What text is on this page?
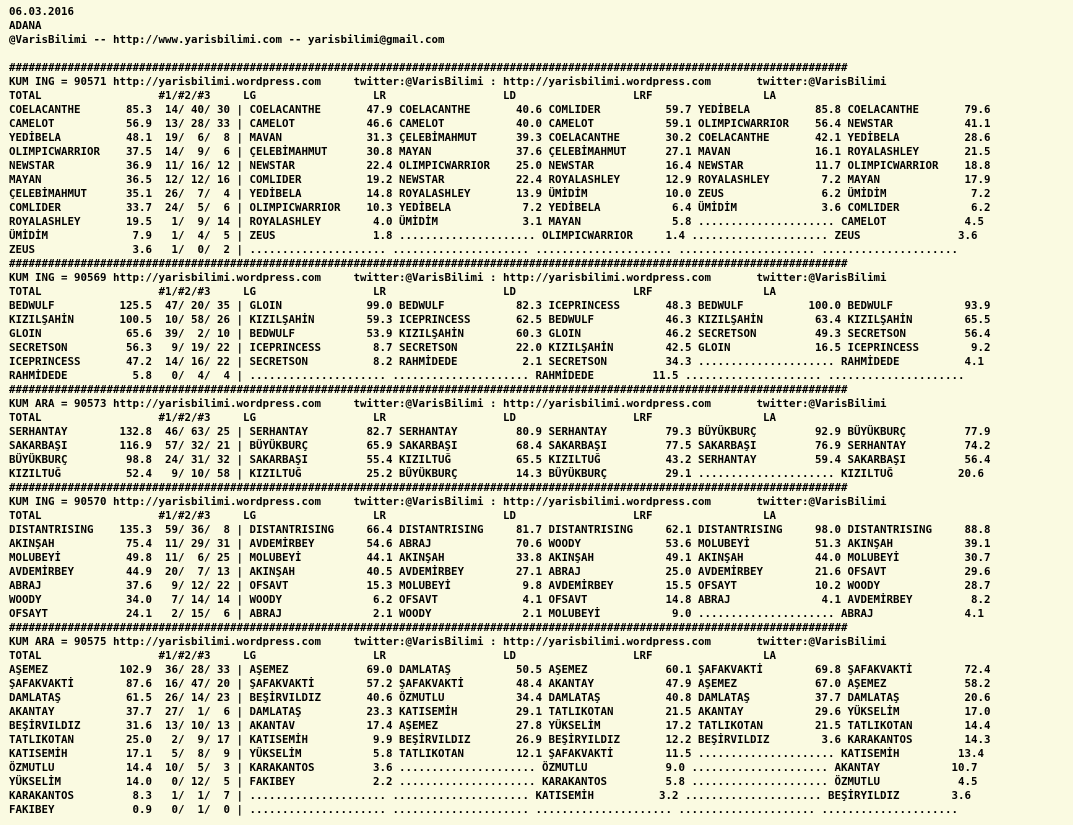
06.03.2016
ADANA
@VarisBilimi -- http://www.yarisbilimi.com -- yarisbilimi@gmail.com

#################################################################################################################################
KUM ING = 90571 http://yarisbilimi.wordpress.com     twitter:@VarisBilimi : http://yarisbilimi.wordpress.com       twitter:@VarisBilimi
TOTAL                  #1/#2/#3     LG                  LR                  LD                  LRF                 LA
COELACANTHE       85.3  14/ 40/ 30 | COELACANTHE       47.9 COELACANTHE       40.6 COMLIDER          59.7 YEDİBELA          85.8 COELACANTHE       79.6
CAMELOT           56.9  13/ 28/ 33 | CAMELOT           46.6 CAMELOT           40.0 CAMELOT           59.1 OLIMPICWARRIOR    56.4 NEWSTAR           41.1
YEDİBELA          48.1  19/  6/  8 | MAVAN             31.3 ÇELEBİMAHMUT      39.3 COELACANTHE       30.2 COELACANTHE       42.1 YEDİBELA          28.6
OLIMPICWARRIOR    37.5  14/  9/  6 | ÇELEBİMAHMUT      30.8 MAYAN             37.6 ÇELEBİMAHMUT      27.1 MAVAN             16.1 ROYALASHLEY       21.5
NEWSTAR           36.9  11/ 16/ 12 | NEWSTAR           22.4 OLIMPICWARRIOR    25.0 NEWSTAR           16.4 NEWSTAR           11.7 OLIMPICWARRIOR    18.8
MAYAN             36.5  12/ 12/ 16 | COMLIDER          19.2 NEWSTAR           22.4 ROYALASHLEY       12.9 ROYALASHLEY        7.2 MAYAN             17.9
ÇELEBİMAHMUT      35.1  26/  7/  4 | YEDİBELA          14.8 ROYALASHLEY       13.9 ÜMİDİM            10.0 ZEUS               6.2 ÜMİDİM             7.2
COMLIDER          33.7  24/  5/  6 | OLIMPICWARRIOR    10.3 YEDİBELA           7.2 YEDİBELA           6.4 ÜMİDİM             3.6 COMLIDER           6.2
ROYALASHLEY       19.5   1/  9/ 14 | ROYALASHLEY        4.0 ÜMİDİM             3.1 MAYAN              5.8 ..................... CAMELOT            4.5
ÜMİDİM             7.9   1/  4/  5 | ZEUS               1.8 ..................... OLIMPICWARRIOR     1.4 ..................... ZEUS               3.6
ZEUS               3.6   1/  0/  2 | ..................... ..................... ..................... ..................... .....................
#################################################################################################################################
KUM ING = 90569 http://yarisbilimi.wordpress.com     twitter:@VarisBilimi : http://yarisbilimi.wordpress.com       twitter:@VarisBilimi
TOTAL                  #1/#2/#3     LG                  LR                  LD                  LRF                 LA
BEDWULF          125.5  47/ 20/ 35 | GLOIN             99.0 BEDWULF           82.3 ICEPRINCESS       48.3 BEDWULF          100.0 BEDWULF           93.9
KIZILŞAHİN       100.5  10/ 58/ 26 | KIZILŞAHİN        59.3 ICEPRINCESS       62.5 BEDWULF           46.3 KIZILŞAHİN        63.4 KIZILŞAHİN        65.5
GLOIN             65.6  39/  2/ 10 | BEDWULF           53.9 KIZILŞAHİN        60.3 GLOIN             46.2 SECRETSON         49.3 SECRETSON         56.4
SECRETSON         56.3   9/ 19/ 22 | ICEPRINCESS        8.7 SECRETSON         22.0 KIZILŞAHİN        42.5 GLOIN             16.5 ICEPRINCESS        9.2
ICEPRINCESS       47.2  14/ 16/ 22 | SECRETSON          8.2 RAHMİDEDE          2.1 SECRETSON         34.3 ..................... RAHMİDEDE          4.1
RAHMİDEDE          5.8   0/  4/  4 | ..................... ..................... RAHMİDEDE         11.5 ..................... .....................
#################################################################################################################################
KUM ARA = 90573 http://yarisbilimi.wordpress.com     twitter:@VarisBilimi : http://yarisbilimi.wordpress.com       twitter:@VarisBilimi
TOTAL                  #1/#2/#3     LG                  LR                  LD                  LRF                 LA
SERHANTAY        132.8  46/ 63/ 25 | SERHANTAY         82.7 SERHANTAY         80.9 SERHANTAY         79.3 BÜYÜKBURÇ         92.9 BÜYÜKBURÇ         77.9
SAKARBAŞI        116.9  57/ 32/ 21 | BÜYÜKBURÇ         65.9 SAKARBAŞI         68.4 SAKARBAŞI         77.5 SAKARBAŞI         76.9 SERHANTAY         74.2
BÜYÜKBURÇ         98.8  24/ 31/ 32 | SAKARBAŞI         55.4 KIZILTUĞ          65.5 KIZILTUĞ          43.2 SERHANTAY         59.4 SAKARBAŞI         56.4
KIZILTUĞ          52.4   9/ 10/ 58 | KIZILTUĞ          25.2 BÜYÜKBURÇ         14.3 BÜYÜKBURÇ         29.1 ..................... KIZILTUĞ          20.6
#################################################################################################################################
KUM ING = 90570 http://yarisbilimi.wordpress.com     twitter:@VarisBilimi : http://yarisbilimi.wordpress.com       twitter:@VarisBilimi
TOTAL                  #1/#2/#3     LG                  LR                  LD                  LRF                 LA
DISTANTRISING    135.3  59/ 36/  8 | DISTANTRISING     66.4 DISTANTRISING     81.7 DISTANTRISING     62.1 DISTANTRISING     98.0 DISTANTRISING     88.8
AKINŞAH           75.4  11/ 29/ 31 | AVDEMİRBEY        54.6 ABRAJ             70.6 WOODY             53.6 MOLUBEYİ          51.3 AKINŞAH           39.1
MOLUBEYİ          49.8  11/  6/ 25 | MOLUBEYİ          44.1 AKINŞAH           33.8 AKINŞAH           49.1 AKINŞAH           44.0 MOLUBEYİ          30.7
AVDEMİRBEY        44.9  20/  7/ 13 | AKINŞAH           40.5 AVDEMİRBEY        27.1 ABRAJ             25.0 AVDEMİRBEY        21.6 OFSAVT            29.6
ABRAJ             37.6   9/ 12/ 22 | OFSAVT            15.3 MOLUBEYİ           9.8 AVDEMİRBEY        15.5 OFSAYT            10.2 WOODY             28.7
WOODY             34.0   7/ 14/ 14 | WOODY              6.2 OFSAVT             4.1 OFSAVT            14.8 ABRAJ              4.1 AVDEMİRBEY         8.2
OFSAYT            24.1   2/ 15/  6 | ABRAJ              2.1 WOODY              2.1 MOLUBEYİ           9.0 ..................... ABRAJ              4.1
#################################################################################################################################
KUM ARA = 90575 http://yarisbilimi.wordpress.com     twitter:@VarisBilimi : http://yarisbilimi.wordpress.com       twitter:@VarisBilimi
TOTAL                  #1/#2/#3     LG                  LR                  LD                  LRF                 LA
AŞEMEZ           102.9  36/ 28/ 33 | AŞEMEZ            69.0 DAMLATAŞ          50.5 AŞEMEZ            60.1 ŞAFAKVAKTİ        69.8 ŞAFAKVAKTİ        72.4
ŞAFAKVAKTİ        87.6  16/ 47/ 20 | ŞAFAKVAKTİ        57.2 ŞAFAKVAKTİ        48.4 AKANTAY           47.9 AŞEMEZ            67.0 AŞEMEZ            58.2
DAMLATAŞ          61.5  26/ 14/ 23 | BEŞİRVILDIZ       40.6 ÖZMUTLU           34.4 DAMLATAŞ          40.8 DAMLATAŞ          37.7 DAMLATAŞ          20.6
AKANTAY           37.7  27/  1/  6 | DAMLATAŞ          23.3 KATISEMİH         29.1 TATLIKOTAN        21.5 AKANTAY           29.6 YÜKSELİM          17.0
BEŞİRVILDIZ       31.6  13/ 10/ 13 | AKANTAV           17.4 AŞEMEZ            27.8 YÜKSELİM          17.2 TATLIKOTAN        21.5 TATLIKOTAN        14.4
TATLIKOTAN        25.0   2/  9/ 17 | KATISEMİH          9.9 BEŞİRVILDIZ       26.9 BEŞİRYILDIZ       12.2 BEŞİRVILDIZ        3.6 KARAKANTOS        14.3
KATISEMİH         17.1   5/  8/  9 | YÜKSELİM           5.8 TATLIKOTAN        12.1 ŞAFAKVAKTİ        11.5 ..................... KATISEMİH         13.4
ÖZMUTLU           14.4  10/  5/  3 | KARAKANTOS         3.6 ..................... ÖZMUTLU            9.0 ..................... AKANTAY           10.7
YÜKSELİM          14.0   0/ 12/  5 | FAKIBEY            2.2 ..................... KARAKANTOS         5.8 ..................... ÖZMUTLU            4.5
KARAKANTOS         8.3   1/  1/  7 | ..................... ..................... KATISEMİH          3.2 ..................... BEŞİRYILDIZ        3.6
FAKIBEY            0.9   0/  1/  0 | ..................... ..................... ..................... ..................... .....................
